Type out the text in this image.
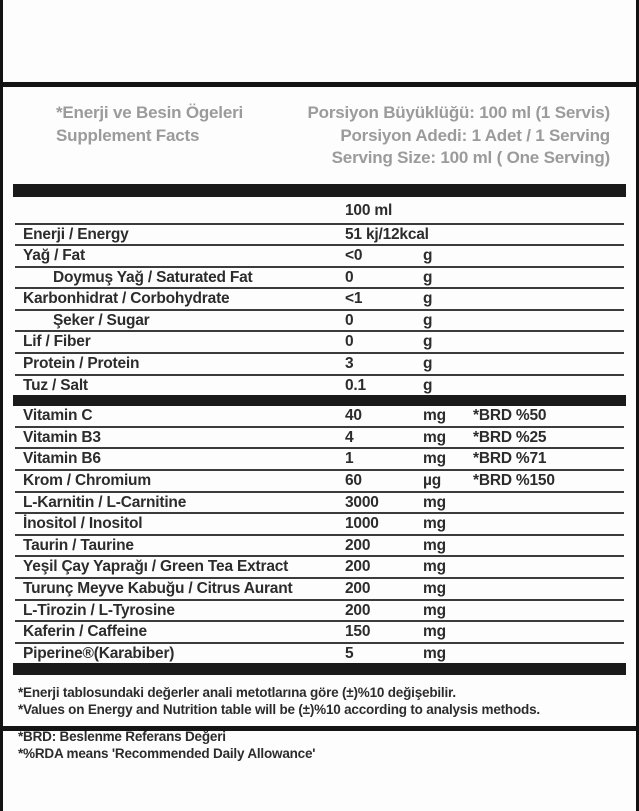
*Enerji ve Besin Ögeleri
Supplement Facts
Porsiyon Büyüklüğü: 100 ml (1 Servis)
Porsiyon Adedi: 1 Adet / 1 Serving
Serving Size: 100 ml ( One Serving)
100 ml
Enerji / Energy	51 kj/12kcal
Yağ / Fat	<0	g
Doymuş Yağ / Saturated Fat	0	g
Karbonhidrat / Corbohydrate	<1	g
Şeker / Sugar	0	g
Lif / Fiber	0	g
Protein / Protein	3	g
Tuz / Salt	0.1	g
Vitamin C	40	mg *BRD %50
Vitamin B3	4	mg *BRD %25
Vitamin B6	1	mg *BRD %71
Krom / Chromium	60	µg *BRD %150
L-Karnitin / L-Carnitine	3000	mg
İnositol / Inositol	1000	mg
Taurin / Taurine	200	mg
Yeşil Çay Yaprağı / Green Tea Extract	200	mg
Turunç Meyve Kabuğu / Citrus Aurant	200	mg
L-Tirozin / L-Tyrosine	200	mg
Kaferin / Caffeine	150	mg
Piperine®(Karabiber)	5	mg

*Enerji tablosundaki değerler anali metotlarına göre (±)%10 değişebilir.

*Values on Energy and Nutrition table will be (±)%10 according to analysis methods.

*BRD: Beslenme Referans Değeri

*%RDA means 'Recommended Daily Allowance'
